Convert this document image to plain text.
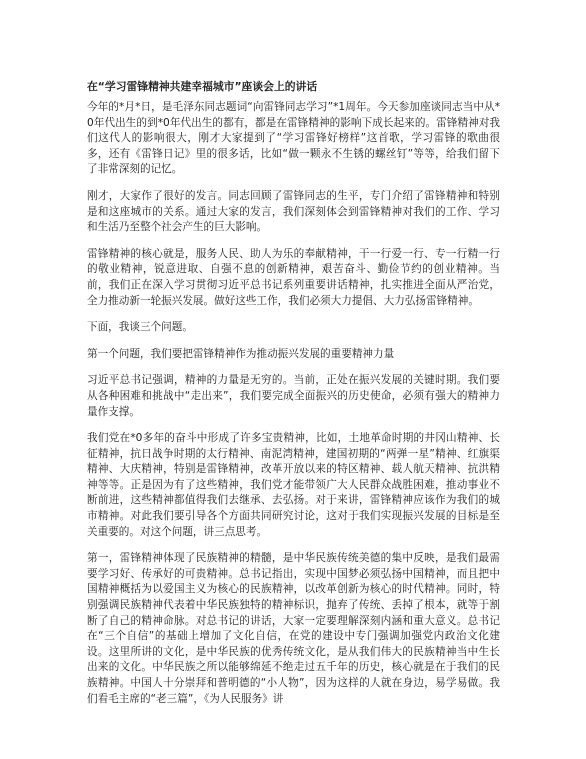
在“学习雷锋精神共建幸福城市”座谈会上的讲话

今年的*月*日，是毛泽东同志题词“向雷锋同志学习”*1周年。今天参加座谈同志当中从*0年代出生的到*0年代出生的都有，都是在雷锋精神的影响下成长起来的。雷锋精神对我们这代人的影响很大，刚才大家提到了“学习雷锋好榜样”这首歌，学习雷锋的歌曲很多，还有《雷锋日记》里的很多话，比如“做一颗永不生锈的螺丝钉”等等，给我们留下了非常深刻的记忆。

刚才，大家作了很好的发言。同志回顾了雷锋同志的生平，专门介绍了雷锋精神和特别是和这座城市的关系。通过大家的发言，我们深刻体会到雷锋精神对我们的工作、学习和生活乃至整个社会产生的巨大影响。

雷锋精神的核心就是，服务人民、助人为乐的奉献精神，干一行爱一行、专一行精一行的敬业精神，锐意进取、自强不息的创新精神，艰苦奋斗、勤俭节约的创业精神。当前，我们正在深入学习贯彻习近平总书记系列重要讲话精神，扎实推进全面从严治党，全力推动新一轮振兴发展。做好这些工作，我们必须大力提倡、大力弘扬雷锋精神。

下面，我谈三个问题。

第一个问题，我们要把雷锋精神作为推动振兴发展的重要精神力量

习近平总书记强调，精神的力量是无穷的。当前，正处在振兴发展的关键时期。我们要从各种困难和挑战中“走出来”，我们要完成全面振兴的历史使命，必须有强大的精神力量作支撑。

我们党在*0多年的奋斗中形成了许多宝贵精神，比如，土地革命时期的井冈山精神、长征精神，抗日战争时期的太行精神、南泥湾精神，建国初期的“两弹一星”精神、红旗渠精神、大庆精神，特别是雷锋精神，改革开放以来的特区精神、载人航天精神、抗洪精神等等。正是因为有了这些精神，我们党才能带领广大人民群众战胜困难，推动事业不断前进，这些精神都值得我们去继承、去弘扬。对于来讲，雷锋精神应该作为我们的城市精神。对此我们要引导各个方面共同研究讨论，这对于我们实现振兴发展的目标是至关重要的。对这个问题，讲三点思考。

第一，雷锋精神体现了民族精神的精髓，是中华民族传统美德的集中反映，是我们最需要学习好、传承好的可贵精神。总书记指出，实现中国梦必须弘扬中国精神，而且把中国精神概括为以爱国主义为核心的民族精神，以改革创新为核心的时代精神。同时，特别强调民族精神代表着中华民族独特的精神标识，抛弃了传统、丢掉了根本，就等于割断了自己的精神命脉。对总书记的讲话，大家一定要理解深刻内涵和重大意义。总书记在“三个自信”的基础上增加了文化自信，在党的建设中专门强调加强党内政治文化建设。这里所讲的文化，是中华民族的优秀传统文化，是从我们伟大的民族精神当中生长出来的文化。中华民族之所以能够绵延不绝走过五千年的历史，核心就是在于我们的民族精神。中国人十分崇拜和普明德的“小人物”，因为这样的人就在身边，易学易做。我们看毛主席的“老三篇”，《为人民服务》讲
